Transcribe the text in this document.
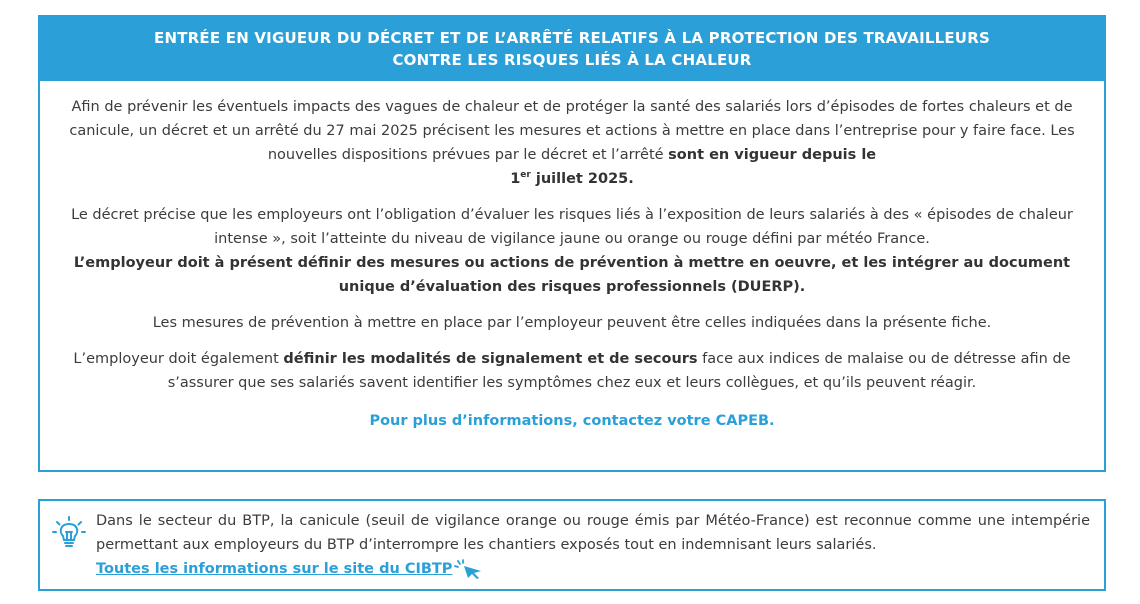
ENTRÉE EN VIGUEUR DU DÉCRET ET DE L’ARRÊTÉ RELATIFS À LA PROTECTION DES TRAVAILLEURS
CONTRE LES RISQUES LIÉS À LA CHALEUR

Afin de prévenir les éventuels impacts des vagues de chaleur et de protéger la santé des salariés lors d’épisodes de fortes chaleurs et de canicule, un décret et un arrêté du 27 mai 2025 précisent les mesures et actions à mettre en place dans l’entreprise pour y faire face. Les nouvelles dispositions prévues par le décret et l’arrêté sont en vigueur depuis le
1er juillet 2025.

Le décret précise que les employeurs ont l’obligation d’évaluer les risques liés à l’exposition de leurs salariés à des « épisodes de chaleur intense », soit l’atteinte du niveau de vigilance jaune ou orange ou rouge défini par météo France.
L’employeur doit à présent définir des mesures ou actions de prévention à mettre en oeuvre, et les intégrer au document unique d’évaluation des risques professionnels (DUERP).

Les mesures de prévention à mettre en place par l’employeur peuvent être celles indiquées dans la présente fiche.

L’employeur doit également définir les modalités de signalement et de secours face aux indices de malaise ou de détresse afin de s’assurer que ses salariés savent identifier les symptômes chez eux et leurs collègues, et qu’ils peuvent réagir.

Pour plus d’informations, contactez votre CAPEB.

Dans le secteur du BTP, la canicule (seuil de vigilance orange ou rouge émis par Météo-France) est reconnue comme une intempérie permettant aux employeurs du BTP d’interrompre les chantiers exposés tout en indemnisant leurs salariés.

Toutes les informations sur le site du CIBTP
